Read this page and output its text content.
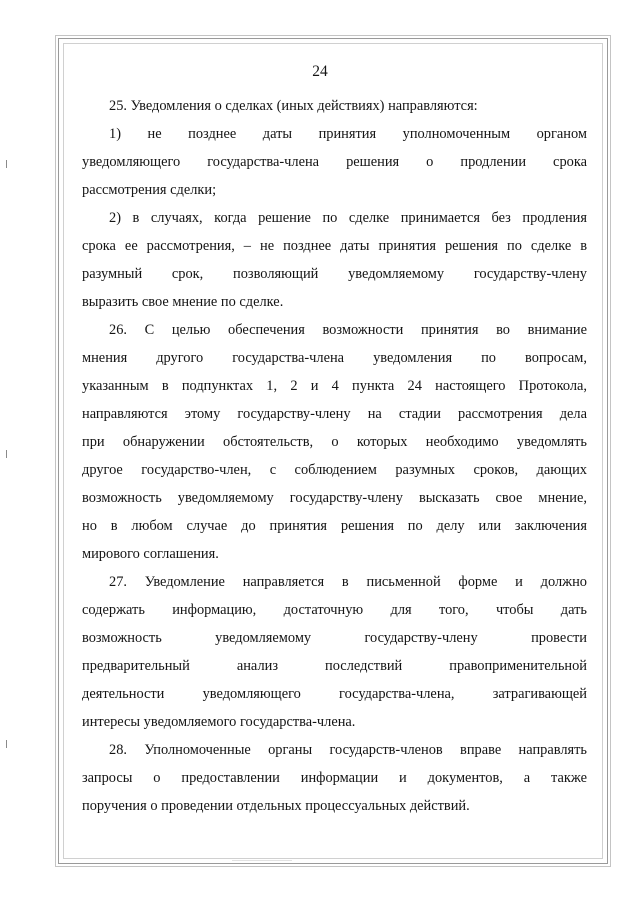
24
25. Уведомления о сделках (иных действиях) направляются:
1) не позднее даты принятия уполномоченным органом
уведомляющего государства-члена решения о продлении срока
рассмотрения сделки;
2) в случаях, когда решение по сделке принимается без продления
срока ее рассмотрения, – не позднее даты принятия решения по сделке в
разумный срок, позволяющий уведомляемому государству-члену
выразить свое мнение по сделке.
26. С целью обеспечения возможности принятия во внимание
мнения другого государства-члена уведомления по вопросам,
указанным в подпунктах 1, 2 и 4 пункта 24 настоящего Протокола,
направляются этому государству-члену на стадии рассмотрения дела
при обнаружении обстоятельств, о которых необходимо уведомлять
другое государство-член, с соблюдением разумных сроков, дающих
возможность уведомляемому государству-члену высказать свое мнение,
но в любом случае до принятия решения по делу или заключения
мирового соглашения.
27. Уведомление направляется в письменной форме и должно
содержать информацию, достаточную для того, чтобы дать
возможность уведомляемому государству-члену провести
предварительный анализ последствий правоприменительной
деятельности уведомляющего государства-члена, затрагивающей
интересы уведомляемого государства-члена.
28. Уполномоченные органы государств-членов вправе направлять
запросы о предоставлении информации и документов, а также
поручения о проведении отдельных процессуальных действий.
